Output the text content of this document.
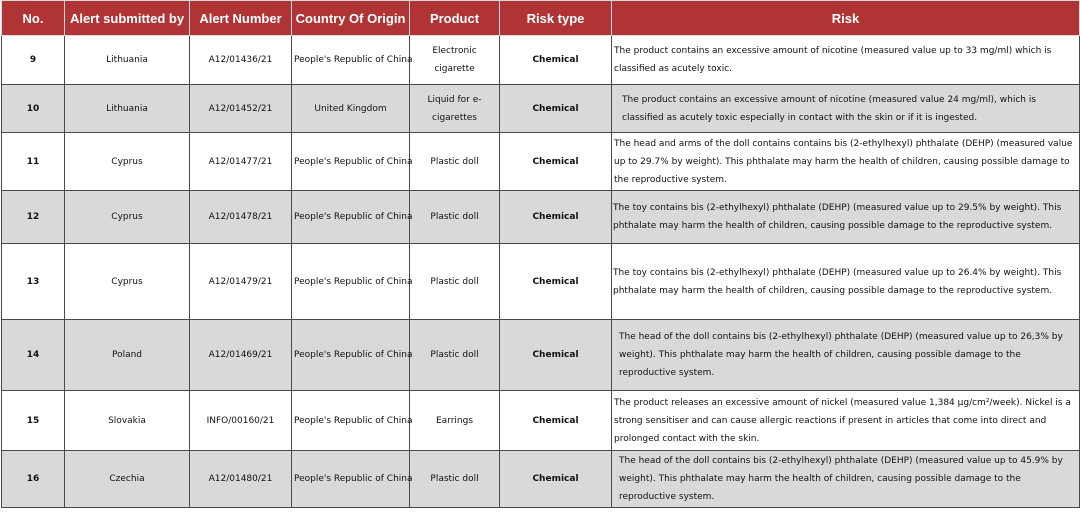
No.	Alert submitted by	Alert Number	Country Of Origin	Product	Risk type	Risk
9	Lithuania	A12/01436/21	People's Republic of China	Electronic cigarette	Chemical	The product contains an excessive amount of nicotine (measured value up to 33 mg/ml) which is classified as acutely toxic.
10	Lithuania	A12/01452/21	United Kingdom	Liquid for e-cigarettes	Chemical	The product contains an excessive amount of nicotine (measured value 24 mg/ml), which is classified as acutely toxic especially in contact with the skin or if it is ingested.
11	Cyprus	A12/01477/21	People's Republic of China	Plastic doll	Chemical	The head and arms of the doll contains contains bis (2-ethylhexyl) phthalate (DEHP) (measured value up to 29.7% by weight). This phthalate may harm the health of children, causing possible damage to the reproductive system.
12	Cyprus	A12/01478/21	People's Republic of China	Plastic doll	Chemical	The toy contains bis (2-ethylhexyl) phthalate (DEHP) (measured value up to 29.5% by weight). This phthalate may harm the health of children, causing possible damage to the reproductive system.
13	Cyprus	A12/01479/21	People's Republic of China	Plastic doll	Chemical	The toy contains bis (2-ethylhexyl) phthalate (DEHP) (measured value up to 26.4% by weight). This phthalate may harm the health of children, causing possible damage to the reproductive system.
14	Poland	A12/01469/21	People's Republic of China	Plastic doll	Chemical	The head of the doll contains bis (2-ethylhexyl) phthalate (DEHP) (measured value up to 26,3% by weight). This phthalate may harm the health of children, causing possible damage to the reproductive system.
15	Slovakia	INFO/00160/21	People's Republic of China	Earrings	Chemical	The product releases an excessive amount of nickel (measured value 1,384 µg/cm²/week). Nickel is a strong sensitiser and can cause allergic reactions if present in articles that come into direct and prolonged contact with the skin.
16	Czechia	A12/01480/21	People's Republic of China	Plastic doll	Chemical	The head of the doll contains bis (2-ethylhexyl) phthalate (DEHP) (measured value up to 45.9% by weight). This phthalate may harm the health of children, causing possible damage to the reproductive system.
